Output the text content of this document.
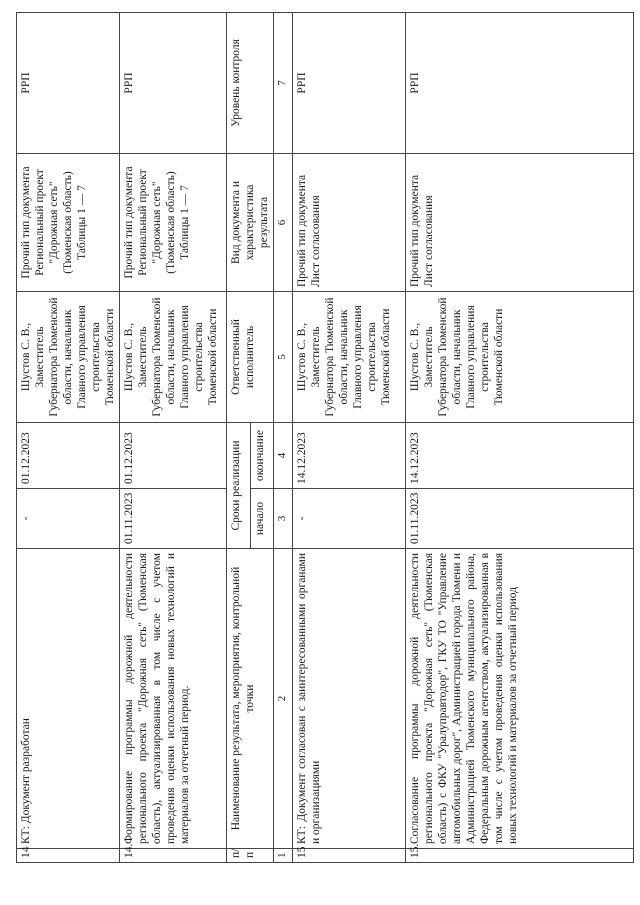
14	КТ: Документ разработан	-	01.12.2023	Шустов С. В., Заместитель Губернатора Тюменской области, начальник Главного управления строительства Тюменской области	Прочий тип документа Региональный проект "Дорожная сеть" (Тюменская область) Таблицы 1 — 7	РРП
14.	Формирование программы дорожной деятельности регионального проекта "Дорожная сеть" (Тюменская область), актуализированная в том числе с учетом проведения оценки использования новых технологий и материалов за отчетный период.	01.11.2023	01.12.2023	Шустов С. В., Заместитель Губернатора Тюменской области, начальник Главного управления строительства Тюменской области	Прочий тип документа Региональный проект "Дорожная сеть" (Тюменская область) Таблицы 1 — 7	РРП
п/п	Наименование результата, мероприятия, контрольной точки	Сроки реализации		Ответственный исполнитель	Вид документа и характеристика результата	Уровень контроля
		начало	окончание			
1	2	3	4	5	6	7
15	КТ: Документ согласован с заинтересованными органами и организациями	-	14.12.2023	Шустов С. В., Заместитель Губернатора Тюменской области, начальник Главного управления строительства Тюменской области	Прочий тип документа Лист согласования	РРП
15.	Согласование программы дорожной деятельности регионального проекта "Дорожная сеть" (Тюменская область) с ФКУ "Уралуправтодор", ГКУ ТО "Управление автомобильных дорог", Администрацией города Тюмени и Администрацией Тюменского муниципального района, Федеральным дорожным агентством, актуализированная в том числе с учетом проведения оценки использования новых технологий и материалов за отчетный период	01.11.2023	14.12.2023	Шустов С. В., Заместитель Губернатора Тюменской области, начальник Главного управления строительства Тюменской области	Прочий тип документа Лист согласования	РРП
